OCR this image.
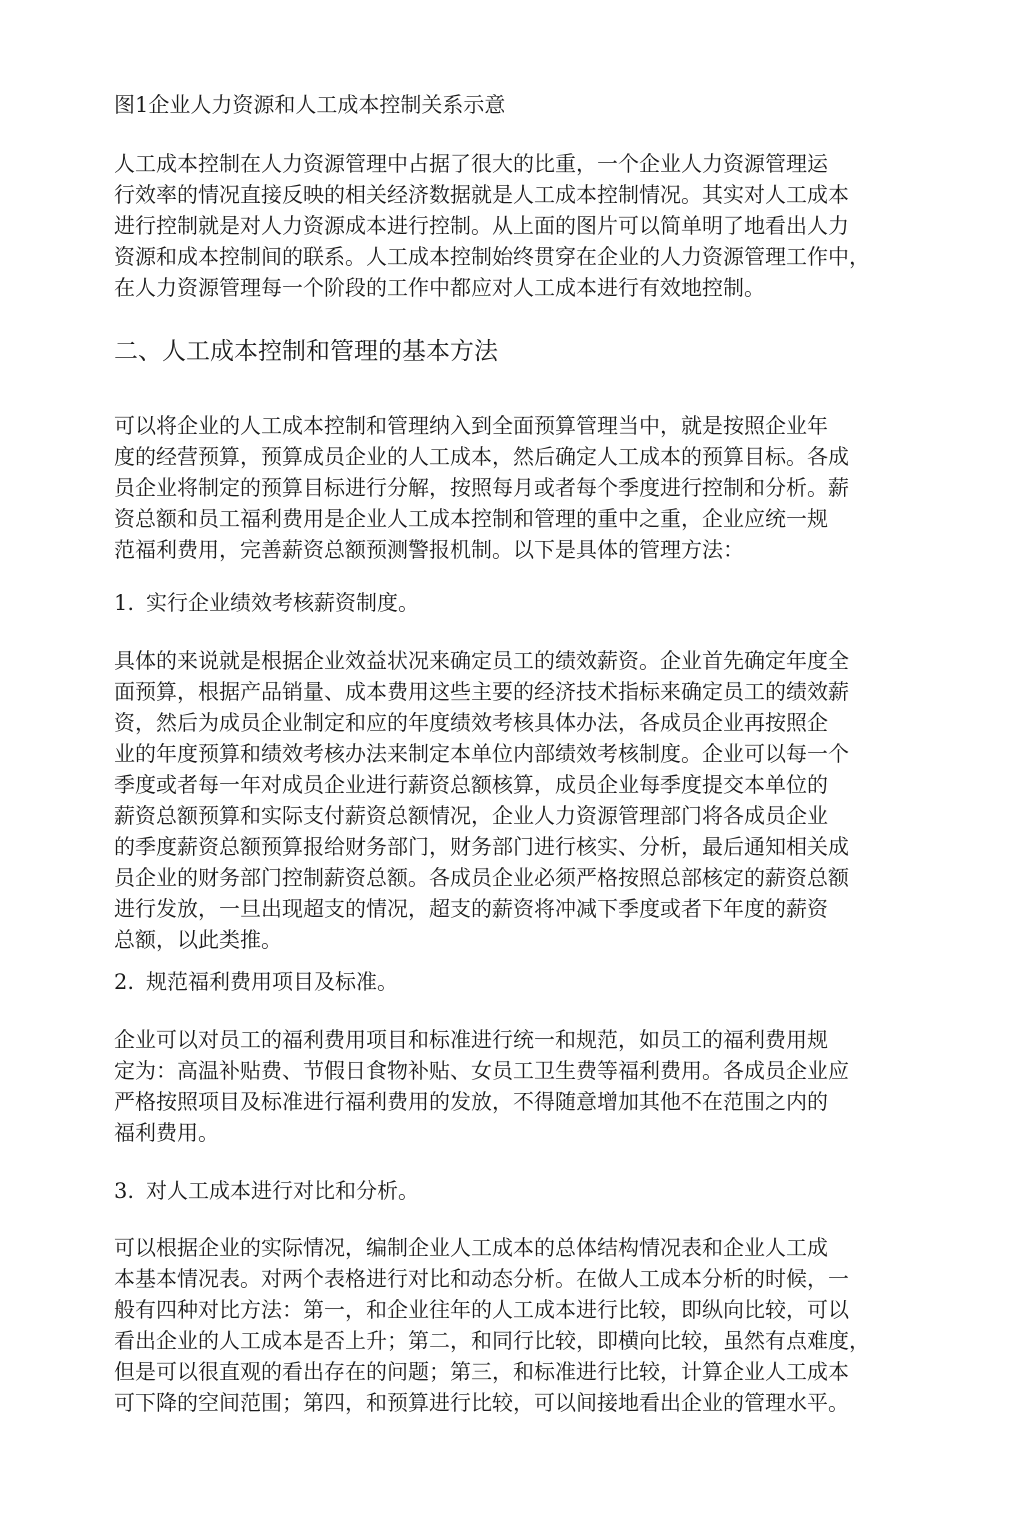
图1企业人力资源和人工成本控制关系示意

人工成本控制在人力资源管理中占据了很大的比重，一个企业人力资源管理运
行效率的情况直接反映的相关经济数据就是人工成本控制情况。其实对人工成本
进行控制就是对人力资源成本进行控制。从上面的图片可以简单明了地看出人力
资源和成本控制间的联系。人工成本控制始终贯穿在企业的人力资源管理工作中，
在人力资源管理每一个阶段的工作中都应对人工成本进行有效地控制。
二、人工成本控制和管理的基本方法
可以将企业的人工成本控制和管理纳入到全面预算管理当中，就是按照企业年
度的经营预算，预算成员企业的人工成本，然后确定人工成本的预算目标。各成
员企业将制定的预算目标进行分解，按照每月或者每个季度进行控制和分析。薪
资总额和员工福利费用是企业人工成本控制和管理的重中之重，企业应统一规
范福利费用，完善薪资总额预测警报机制。以下是具体的管理方法：

1. 实行企业绩效考核薪资制度。

具体的来说就是根据企业效益状况来确定员工的绩效薪资。企业首先确定年度全
面预算，根据产品销量、成本费用这些主要的经济技术指标来确定员工的绩效薪
资，然后为成员企业制定和应的年度绩效考核具体办法，各成员企业再按照企
业的年度预算和绩效考核办法来制定本单位内部绩效考核制度。企业可以每一个
季度或者每一年对成员企业进行薪资总额核算，成员企业每季度提交本单位的
薪资总额预算和实际支付薪资总额情况，企业人力资源管理部门将各成员企业
的季度薪资总额预算报给财务部门，财务部门进行核实、分析，最后通知相关成
员企业的财务部门控制薪资总额。各成员企业必须严格按照总部核定的薪资总额
进行发放，一旦出现超支的情况，超支的薪资将冲减下季度或者下年度的薪资
总额，以此类推。

2. 规范福利费用项目及标准。

企业可以对员工的福利费用项目和标准进行统一和规范，如员工的福利费用规
定为：高温补贴费、节假日食物补贴、女员工卫生费等福利费用。各成员企业应
严格按照项目及标准进行福利费用的发放，不得随意增加其他不在范围之内的
福利费用。

3. 对人工成本进行对比和分析。

可以根据企业的实际情况，编制企业人工成本的总体结构情况表和企业人工成
本基本情况表。对两个表格进行对比和动态分析。在做人工成本分析的时候，一
般有四种对比方法：第一，和企业往年的人工成本进行比较，即纵向比较，可以
看出企业的人工成本是否上升；第二，和同行比较，即横向比较，虽然有点难度，
但是可以很直观的看出存在的问题；第三，和标准进行比较，计算企业人工成本
可下降的空间范围；第四，和预算进行比较，可以间接地看出企业的管理水平。
